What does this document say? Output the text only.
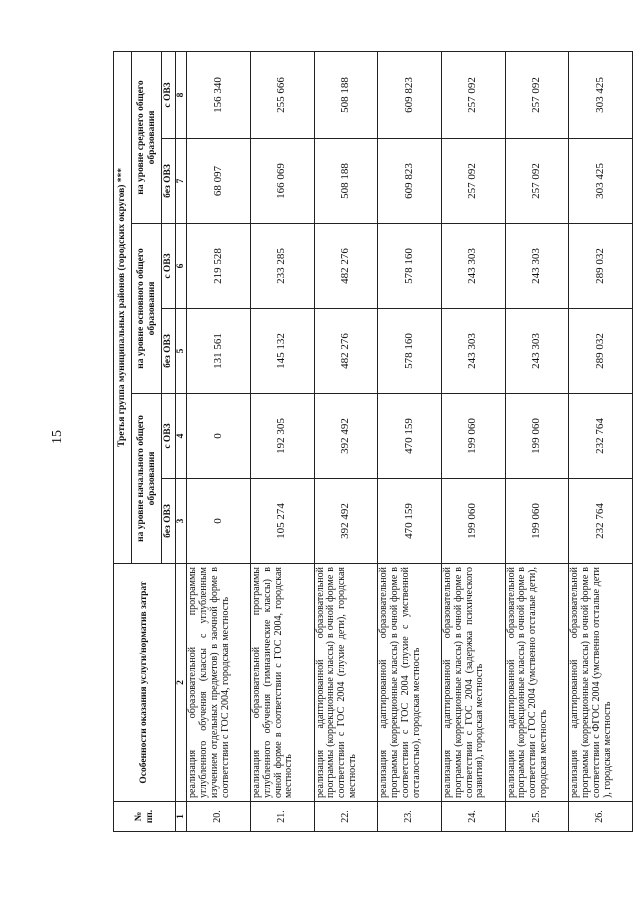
15
№ пп.	Особенности оказания услуги/норматив затрат	Третья группа муниципальных районов (городских округов) ***					
		на уровне начального общего образования		на уровне основного общего образования		на уровне среднего общего образования	
		без ОВЗ	с ОВЗ	без ОВЗ	с ОВЗ	без ОВЗ	с ОВЗ
1	2	3	4	5	6	7	8
20.	реализация образовательной программы углубленного обучения (классы с углубленным изучением отдельных предметов) в заочной форме в соответствии с ГОС 2004, городская местность	0	0	131 561	219 528	68 097	156 340
21.	реализация образовательной программы углубленного обучения (гимназические классы) в очной форме в соответствии с ГОС 2004, городская местность	105 274	192 305	145 132	233 285	166 069	255 666
22.	реализация адаптированной образовательной программы (коррекционные классы) в очной форме в соответствии с ГОС 2004 (глухие дети), городская местность	392 492	392 492	482 276	482 276	508 188	508 188
23.	реализация адаптированной образовательной программы (коррекционные классы) в очной форме в соответствии с ГОС 2004 (глухие с умственной отсталостью), городская местность	470 159	470 159	578 160	578 160	609 823	609 823
24.	реализация адаптированной образовательной программы (коррекционные классы) в очной форме в соответствии с ГОС 2004 (задержка психического развития), городская местность	199 060	199 060	243 303	243 303	257 092	257 092
25.	реализация адаптированной образовательной программы (коррекционные классы) в очной форме в соответствии с ГОС 2004 (умственно отсталые дети), городская местность	199 060	199 060	243 303	243 303	257 092	257 092
26.	реализация адаптированной образовательной программы (коррекционные классы) в очной форме в соответствии с ФГОС 2004 (умственно отсталые дети ), городская местность	232 764	232 764	289 032	289 032	303 425	303 425
